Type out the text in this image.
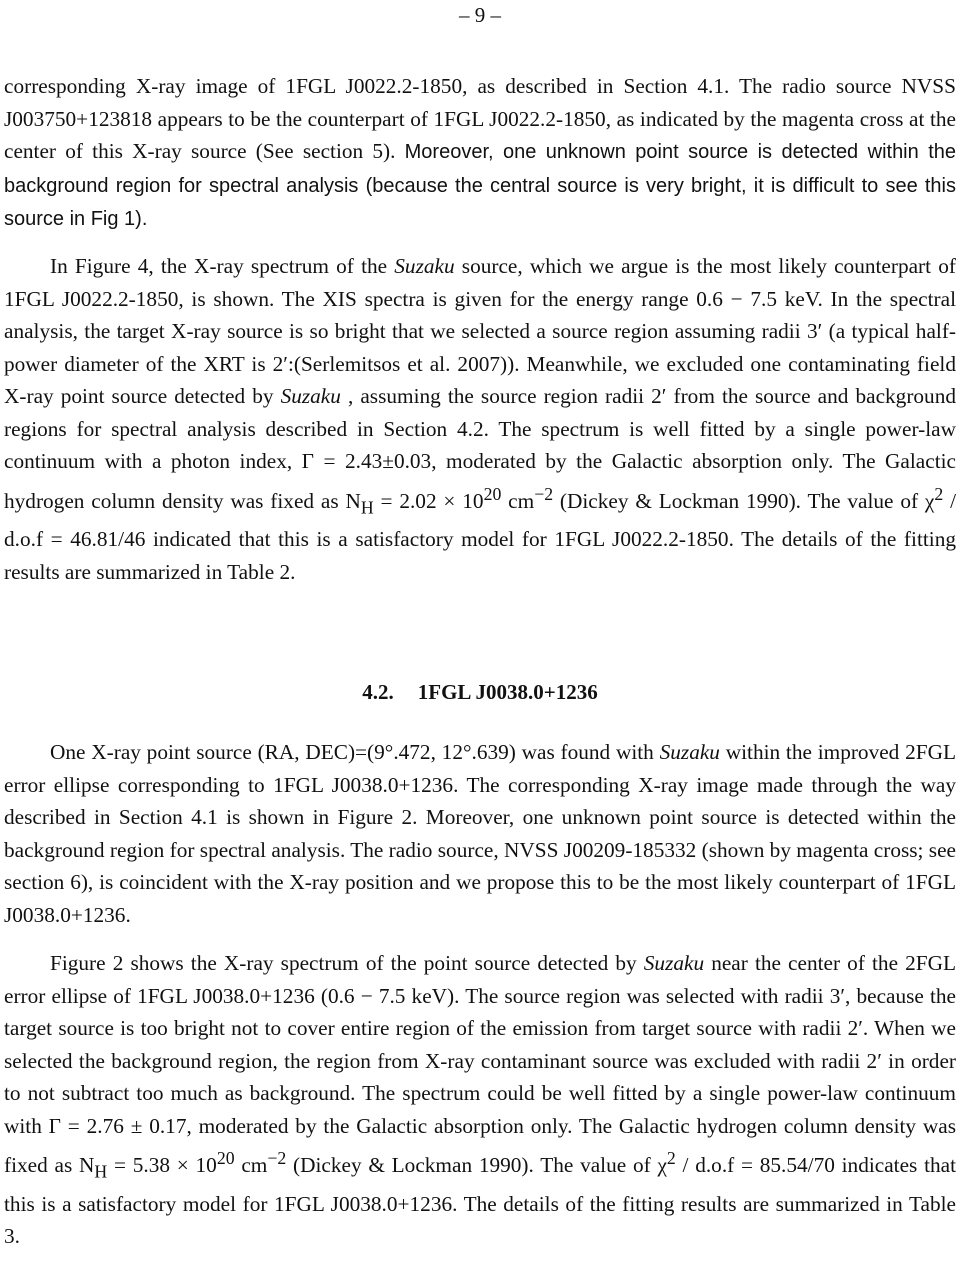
– 9 –

corresponding X-ray image of 1FGL J0022.2-1850, as described in Section 4.1. The radio source NVSS J003750+123818 appears to be the counterpart of 1FGL J0022.2-1850, as indicated by the magenta cross at the center of this X-ray source (See section 5). Moreover, one unknown point source is detected within the background region for spectral analysis (because the central source is very bright, it is difficult to see this source in Fig 1).

In Figure 4, the X-ray spectrum of the Suzaku source, which we argue is the most likely counterpart of 1FGL J0022.2-1850, is shown. The XIS spectra is given for the energy range 0.6 − 7.5 keV. In the spectral analysis, the target X-ray source is so bright that we selected a source region assuming radii 3′ (a typical half-power diameter of the XRT is 2′:(Serlemitsos et al. 2007)). Meanwhile, we excluded one contaminating field X-ray point source detected by Suzaku , assuming the source region radii 2′ from the source and background regions for spectral analysis described in Section 4.2. The spectrum is well fitted by a single power-law continuum with a photon index, Γ = 2.43±0.03, moderated by the Galactic absorption only. The Galactic hydrogen column density was fixed as $N_H = 2.02 \times 10^{20}$ $cm^{-2}$ (Dickey & Lockman 1990). The value of $\chi^2 / d.o.f = 46.81/46$ indicated that this is a satisfactory model for 1FGL J0022.2-1850. The details of the fitting results are summarized in Table 2.

4.2. 1FGL J0038.0+1236

One X-ray point source (RA, DEC)=(9°.472, 12°.639) was found with Suzaku within the improved 2FGL error ellipse corresponding to 1FGL J0038.0+1236. The corresponding X-ray image made through the way described in Section 4.1 is shown in Figure 2. Moreover, one unknown point source is detected within the background region for spectral analysis. The radio source, NVSS J00209-185332 (shown by magenta cross; see section 6), is coincident with the X-ray position and we propose this to be the most likely counterpart of 1FGL J0038.0+1236.

Figure 2 shows the X-ray spectrum of the point source detected by Suzaku near the center of the 2FGL error ellipse of 1FGL J0038.0+1236 (0.6 − 7.5 keV). The source region was selected with radii 3′, because the target source is too bright not to cover entire region of the emission from target source with radii 2′. When we selected the background region, the region from X-ray contaminant source was excluded with radii 2′ in order to not subtract too much as background. The spectrum could be well fitted by a single power-law continuum with Γ = 2.76 ± 0.17, moderated by the Galactic absorption only. The Galactic hydrogen column density was fixed as $N_H = 5.38 \times 10^{20}$ $cm^{-2}$ (Dickey & Lockman 1990). The value of $\chi^2 / d.o.f = 85.54/70$ indicates that this is a satisfactory model for 1FGL J0038.0+1236. The details of the fitting results are summarized in Table 3.
